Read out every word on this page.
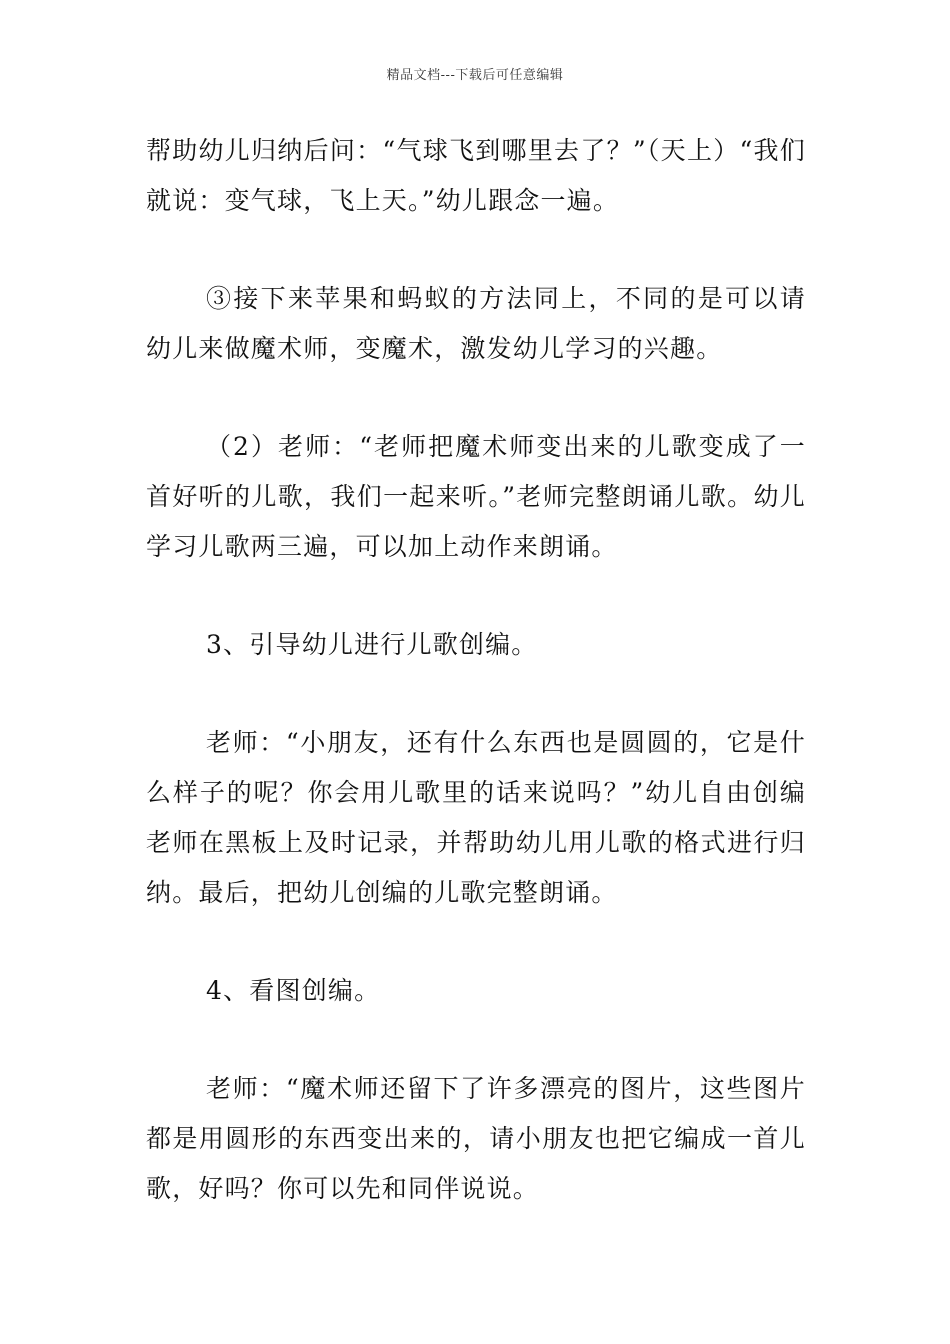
精品文档---下载后可任意编辑

帮助幼儿归纳后问：“气球飞到哪里去了？”（天上）“我们就说：变气球，飞上天。”幼儿跟念一遍。

③接下来苹果和蚂蚁的方法同上，不同的是可以请幼儿来做魔术师，变魔术，激发幼儿学习的兴趣。

（2）老师：“老师把魔术师变出来的儿歌变成了一首好听的儿歌，我们一起来听。”老师完整朗诵儿歌。幼儿学习儿歌两三遍，可以加上动作来朗诵。

3、引导幼儿进行儿歌创编。

老师：“小朋友，还有什么东西也是圆圆的，它是什么样子的呢？你会用儿歌里的话来说吗？”幼儿自由创编老师在黑板上及时记录，并帮助幼儿用儿歌的格式进行归纳。最后，把幼儿创编的儿歌完整朗诵。

4、看图创编。

老师：“魔术师还留下了许多漂亮的图片，这些图片都是用圆形的东西变出来的，请小朋友也把它编成一首儿歌，好吗？你可以先和同伴说说。
